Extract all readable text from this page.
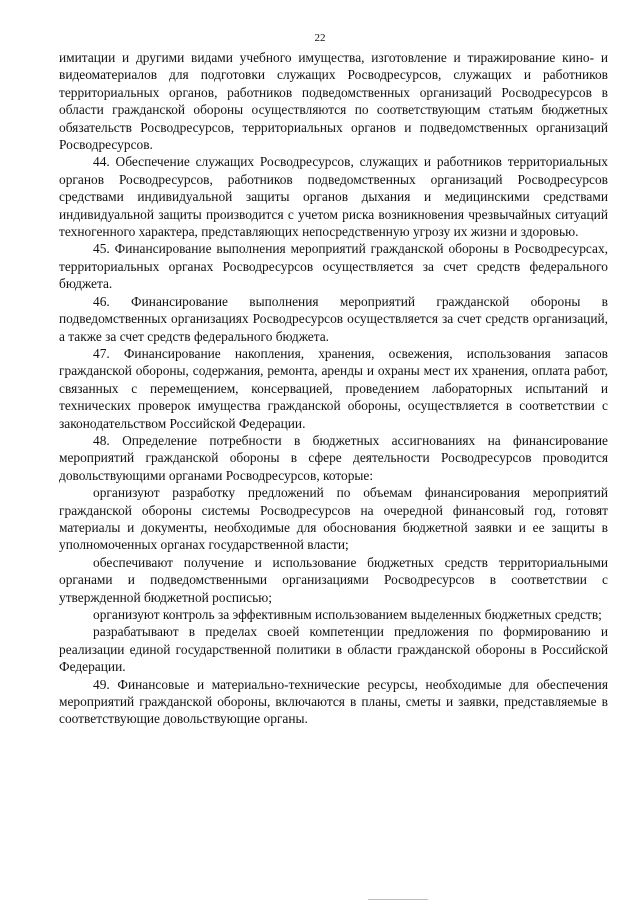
22

имитации и другими видами учебного имущества, изготовление и тиражирование кино- и видеоматериалов для подготовки служащих Росводресурсов, служащих и работников территориальных органов, работников подведомственных организаций Росводресурсов в области гражданской обороны осуществляются по соответствующим статьям бюджетных обязательств Росводресурсов, территориальных органов и подведомственных организаций Росводресурсов.

44. Обеспечение служащих Росводресурсов, служащих и работников территориальных органов Росводресурсов, работников подведомственных организаций Росводресурсов средствами индивидуальной защиты органов дыхания и медицинскими средствами индивидуальной защиты производится с учетом риска возникновения чрезвычайных ситуаций техногенного характера, представляющих непосредственную угрозу их жизни и здоровью.

45. Финансирование выполнения мероприятий гражданской обороны в Росводресурсах, территориальных органах Росводресурсов осуществляется за счет средств федерального бюджета.

46. Финансирование выполнения мероприятий гражданской обороны в подведомственных организациях Росводресурсов осуществляется за счет средств организаций, а также за счет средств федерального бюджета.

47. Финансирование накопления, хранения, освежения, использования запасов гражданской обороны, содержания, ремонта, аренды и охраны мест их хранения, оплата работ, связанных с перемещением, консервацией, проведением лабораторных испытаний и технических проверок имущества гражданской обороны, осуществляется в соответствии с законодательством Российской Федерации.

48. Определение потребности в бюджетных ассигнованиях на финансирование мероприятий гражданской обороны в сфере деятельности Росводресурсов проводится довольствующими органами Росводресурсов, которые:

организуют разработку предложений по объемам финансирования мероприятий гражданской обороны системы Росводресурсов на очередной финансовый год, готовят материалы и документы, необходимые для обоснования бюджетной заявки и ее защиты в уполномоченных органах государственной власти;

обеспечивают получение и использование бюджетных средств территориальными органами и подведомственными организациями Росводресурсов в соответствии с утвержденной бюджетной росписью;

организуют контроль за эффективным использованием выделенных бюджетных средств;

разрабатывают в пределах своей компетенции предложения по формированию и реализации единой государственной политики в области гражданской обороны в Российской Федерации.

49. Финансовые и материально-технические ресурсы, необходимые для обеспечения мероприятий гражданской обороны, включаются в планы, сметы и заявки, представляемые в соответствующие довольствующие органы.
